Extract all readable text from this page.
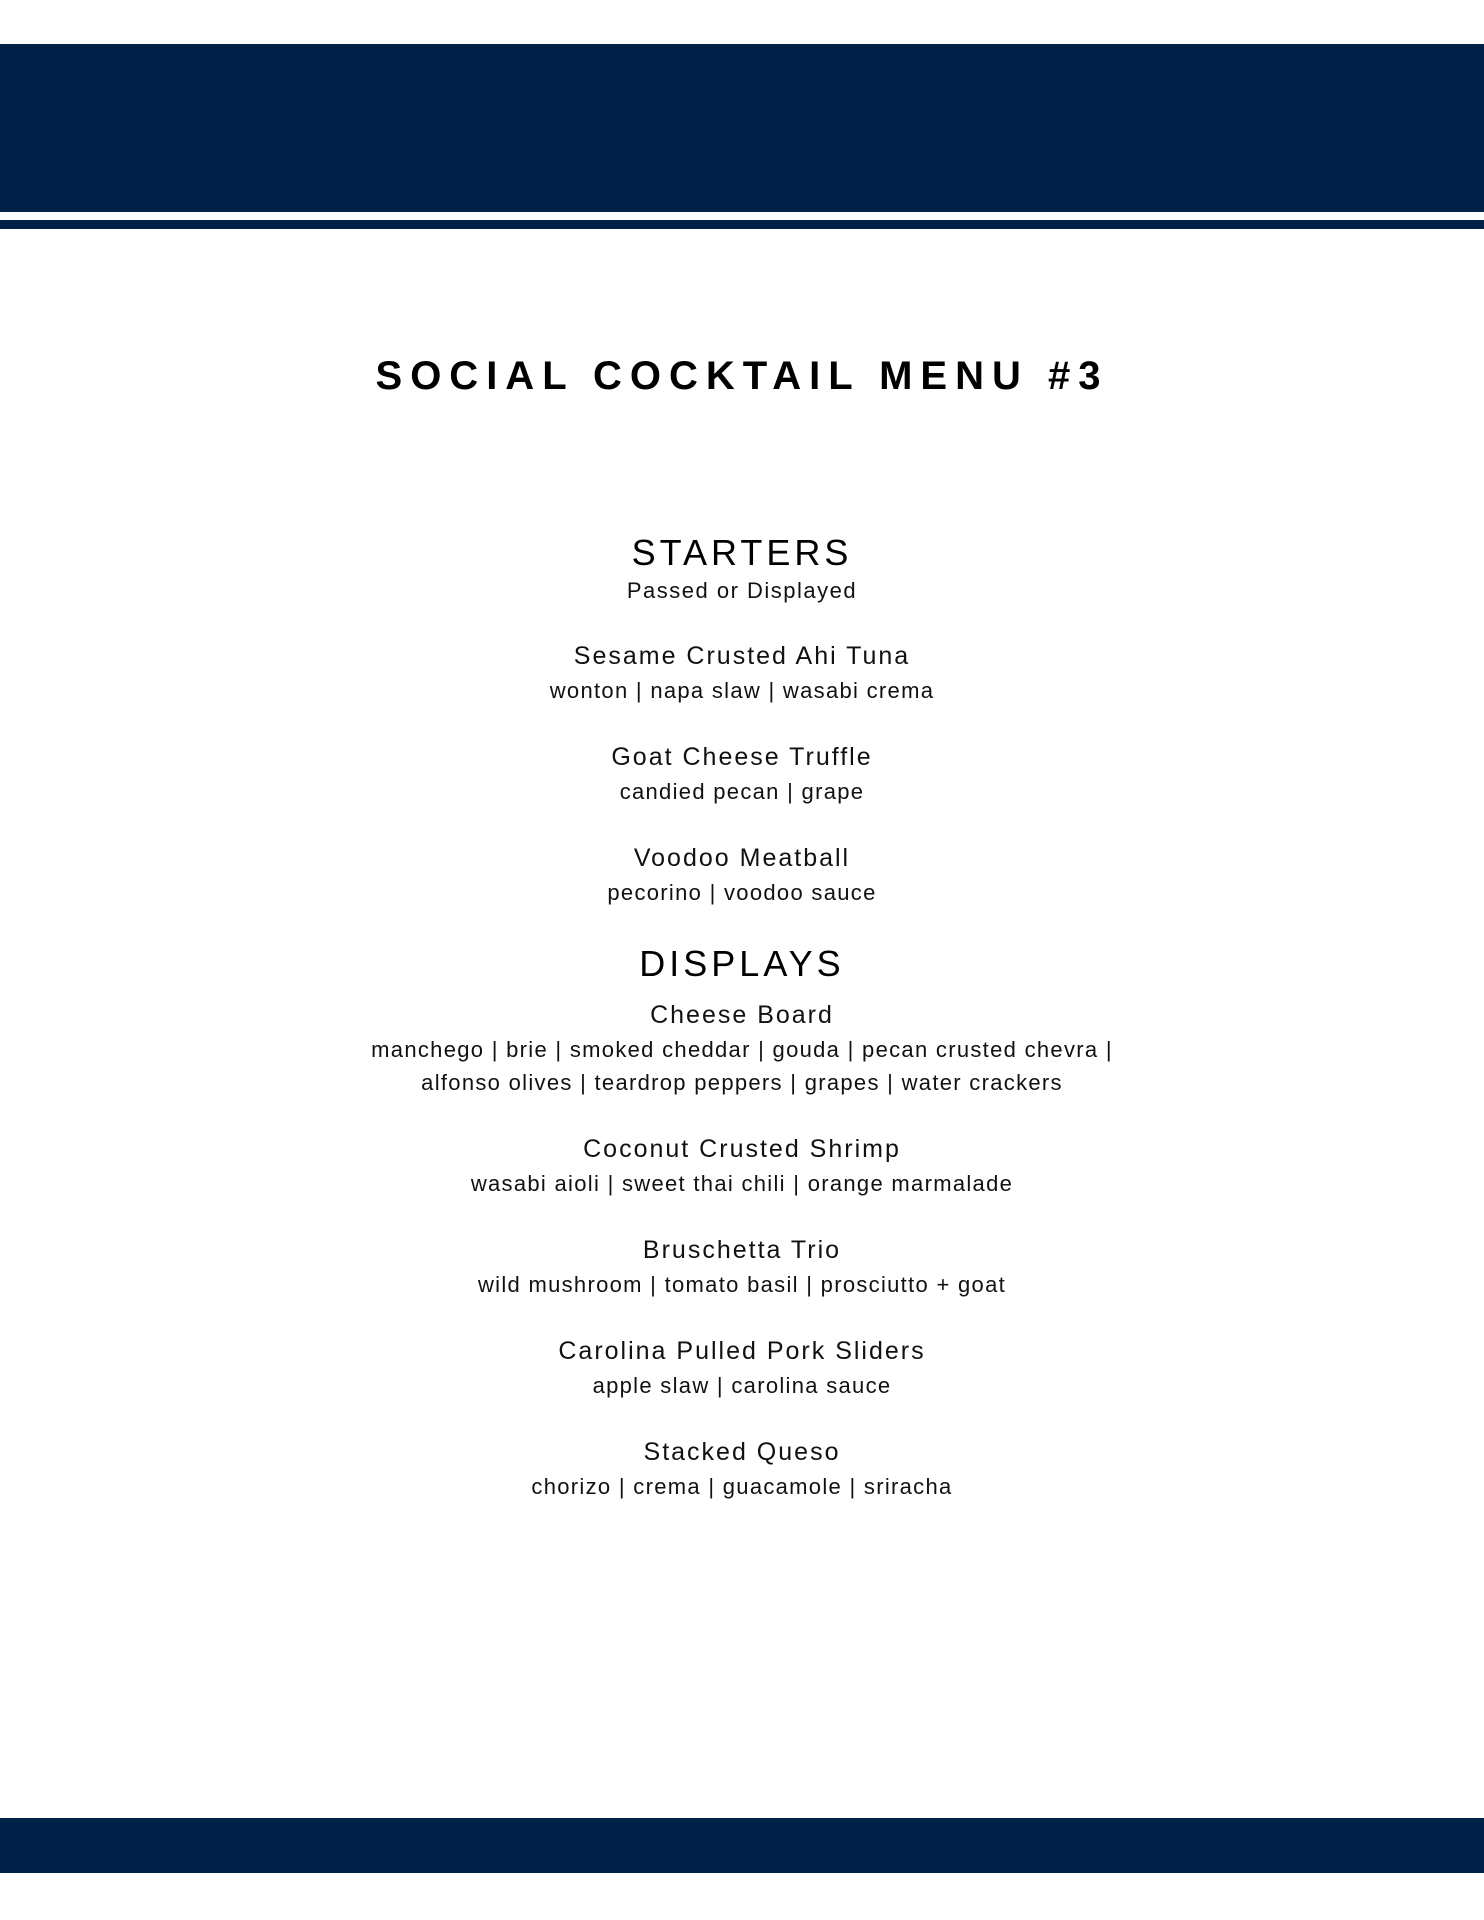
SOCIAL COCKTAIL MENU #3
STARTERS

Passed or Displayed

Sesame Crusted Ahi Tuna

wonton | napa slaw | wasabi crema

Goat Cheese Truffle

candied pecan | grape

Voodoo Meatball

pecorino | voodoo sauce

DISPLAYS

Cheese Board

manchego | brie | smoked cheddar | gouda | pecan crusted chevra |

alfonso olives | teardrop peppers | grapes | water crackers

Coconut Crusted Shrimp

wasabi aioli | sweet thai chili | orange marmalade

Bruschetta Trio

wild mushroom | tomato basil | prosciutto + goat

Carolina Pulled Pork Sliders

apple slaw | carolina sauce

Stacked Queso

chorizo | crema | guacamole | sriracha
